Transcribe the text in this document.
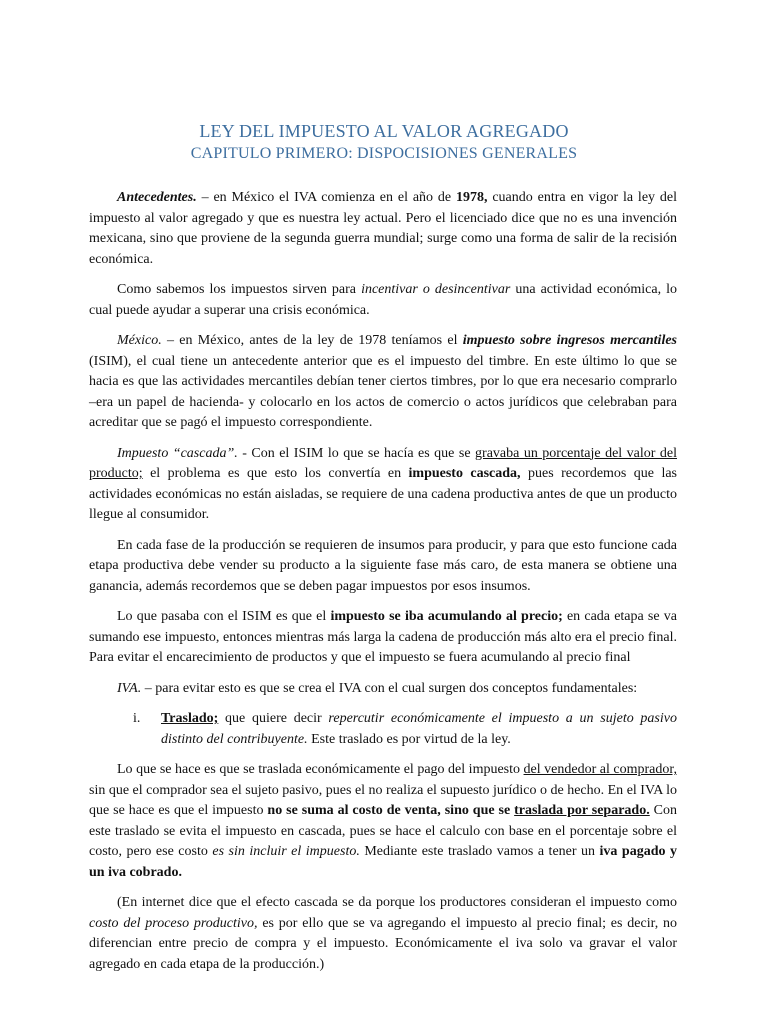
LEY DEL IMPUESTO AL VALOR AGREGADO
CAPITULO PRIMERO: DISPOCISIONES GENERALES

Antecedentes. – en México el IVA comienza en el año de 1978, cuando entra en vigor la ley del impuesto al valor agregado y que es nuestra ley actual. Pero el licenciado dice que no es una invención mexicana, sino que proviene de la segunda guerra mundial; surge como una forma de salir de la recisión económica.

Como sabemos los impuestos sirven para incentivar o desincentivar una actividad económica, lo cual puede ayudar a superar una crisis económica.

México. – en México, antes de la ley de 1978 teníamos el impuesto sobre ingresos mercantiles (ISIM), el cual tiene un antecedente anterior que es el impuesto del timbre. En este último lo que se hacia es que las actividades mercantiles debían tener ciertos timbres, por lo que era necesario comprarlo –era un papel de hacienda- y colocarlo en los actos de comercio o actos jurídicos que celebraban para acreditar que se pagó el impuesto correspondiente.

Impuesto “cascada”. - Con el ISIM lo que se hacía es que se gravaba un porcentaje del valor del producto; el problema es que esto los convertía en impuesto cascada, pues recordemos que las actividades económicas no están aisladas, se requiere de una cadena productiva antes de que un producto llegue al consumidor.

En cada fase de la producción se requieren de insumos para producir, y para que esto funcione cada etapa productiva debe vender su producto a la siguiente fase más caro, de esta manera se obtiene una ganancia, además recordemos que se deben pagar impuestos por esos insumos.

Lo que pasaba con el ISIM es que el impuesto se iba acumulando al precio; en cada etapa se va sumando ese impuesto, entonces mientras más larga la cadena de producción más alto era el precio final. Para evitar el encarecimiento de productos y que el impuesto se fuera acumulando al precio final

IVA. – para evitar esto es que se crea el IVA con el cual surgen dos conceptos fundamentales:

i. Traslado; que quiere decir repercutir económicamente el impuesto a un sujeto pasivo distinto del contribuyente. Este traslado es por virtud de la ley.

Lo que se hace es que se traslada económicamente el pago del impuesto del vendedor al comprador, sin que el comprador sea el sujeto pasivo, pues el no realiza el supuesto jurídico o de hecho. En el IVA lo que se hace es que el impuesto no se suma al costo de venta, sino que se traslada por separado. Con este traslado se evita el impuesto en cascada, pues se hace el calculo con base en el porcentaje sobre el costo, pero ese costo es sin incluir el impuesto. Mediante este traslado vamos a tener un iva pagado y un iva cobrado.

(En internet dice que el efecto cascada se da porque los productores consideran el impuesto como costo del proceso productivo, es por ello que se va agregando el impuesto al precio final; es decir, no diferencian entre precio de compra y el impuesto. Económicamente el iva solo va gravar el valor agregado en cada etapa de la producción.)
